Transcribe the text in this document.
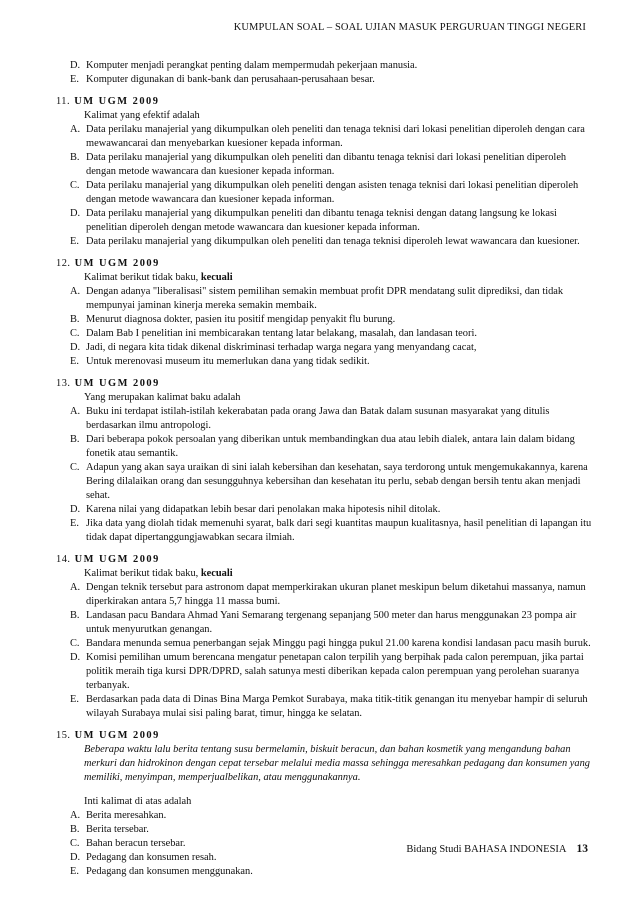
KUMPULAN SOAL – SOAL UJIAN MASUK PERGURUAN TINGGI NEGERI
D. Komputer menjadi perangkat penting dalam mempermudah pekerjaan manusia.
E. Komputer digunakan di bank-bank dan perusahaan-perusahaan besar.
11. UM UGM 2009
Kalimat yang efektif adalah
A. Data perilaku manajerial yang dikumpulkan oleh peneliti dan tenaga teknisi dari lokasi penelitian diperoleh dengan cara mewawancarai dan menyebarkan kuesioner kepada informan.
B. Data perilaku manajerial yang dikumpulkan oleh peneliti dan dibantu tenaga teknisi dari lokasi penelitian diperoleh dengan metode wawancara dan kuesioner kepada informan.
C. Data perilaku manajerial yang dikumpulkan oleh peneliti dengan asisten tenaga teknisi dari lokasi penelitian diperoleh dengan metode wawancara dan kuesioner kepada informan.
D. Data perilaku manajerial yang dikumpulkan peneliti dan dibantu tenaga teknisi dengan datang langsung ke lokasi penelitian diperoleh dengan metode wawancara dan kuesioner kepada informan.
E. Data perilaku manajerial yang dikumpulkan oleh peneliti dan tenaga teknisi diperoleh lewat wawancara dan kuesioner.
12. UM UGM 2009
Kalimat berikut tidak baku, kecuali
A. Dengan adanya "liberalisasi" sistem pemilihan semakin membuat profit DPR mendatang sulit diprediksi, dan tidak mempunyai jaminan kinerja mereka semakin membaik.
B. Menurut diagnosa dokter, pasien itu positif mengidap penyakit flu burung.
C. Dalam Bab I penelitian ini membicarakan tentang latar belakang, masalah, dan landasan teori.
D. Jadi, di negara kita tidak dikenal diskriminasi terhadap warga negara yang menyandang cacat,
E. Untuk merenovasi museum itu memerlukan dana yang tidak sedikit.
13. UM UGM 2009
Yang merupakan kalimat baku adalah
A. Buku ini terdapat istilah-istilah kekerabatan pada orang Jawa dan Batak dalam susunan masyarakat yang ditulis berdasarkan ilmu antropologi.
B. Dari beberapa pokok persoalan yang diberikan untuk membandingkan dua atau lebih dialek, antara lain dalam bidang fonetik atau semantik.
C. Adapun yang akan saya uraikan di sini ialah kebersihan dan kesehatan, saya terdorong untuk mengemukakannya, karena Bering dilalaikan orang dan sesungguhnya kebersihan dan kesehatan itu perlu, sebab dengan bersih tentu akan menjadi sehat.
D. Karena nilai yang didapatkan lebih besar dari penolakan maka hipotesis nihil ditolak.
E. Jika data yang diolah tidak memenuhi syarat, balk dari segi kuantitas maupun kualitasnya, hasil penelitian di lapangan itu tidak dapat dipertanggungjawabkan secara ilmiah.
14. UM UGM 2009
Kalimat berikut tidak baku, kecuali
A. Dengan teknik tersebut para astronom dapat memperkirakan ukuran planet meskipun belum diketahui massanya, namun diperkirakan antara 5,7 hingga 11 massa bumi.
B. Landasan pacu Bandara Ahmad Yani Semarang tergenang sepanjang 500 meter dan harus menggunakan 23 pompa air untuk menyurutkan genangan.
C. Bandara menunda semua penerbangan sejak Minggu pagi hingga pukul 21.00 karena kondisi landasan pacu masih buruk.
D. Komisi pemilihan umum berencana mengatur penetapan calon terpilih yang berpihak pada calon perempuan, jika partai politik meraih tiga kursi DPR/DPRD, salah satunya mesti diberikan kepada calon perempuan yang perolehan suaranya terbanyak.
E. Berdasarkan pada data di Dinas Bina Marga Pemkot Surabaya, maka titik-titik genangan itu menyebar hampir di seluruh wilayah Surabaya mulai sisi paling barat, timur, hingga ke selatan.
15. UM UGM 2009
Beberapa waktu lalu berita tentang susu bermelamin, biskuit beracun, dan bahan kosmetik yang mengandung bahan merkuri dan hidrokinon dengan cepat tersebar melalui media massa sehingga meresahkan pedagang dan konsumen yang memiliki, menyimpan, memperjualbelikan, atau menggunakannya.
Inti kalimat di atas adalah
A. Berita meresahkan.
B. Berita tersebar.
C. Bahan beracun tersebar.
D. Pedagang dan konsumen resah.
E. Pedagang dan konsumen menggunakan.
Bidang Studi BAHASA INDONESIA 13
